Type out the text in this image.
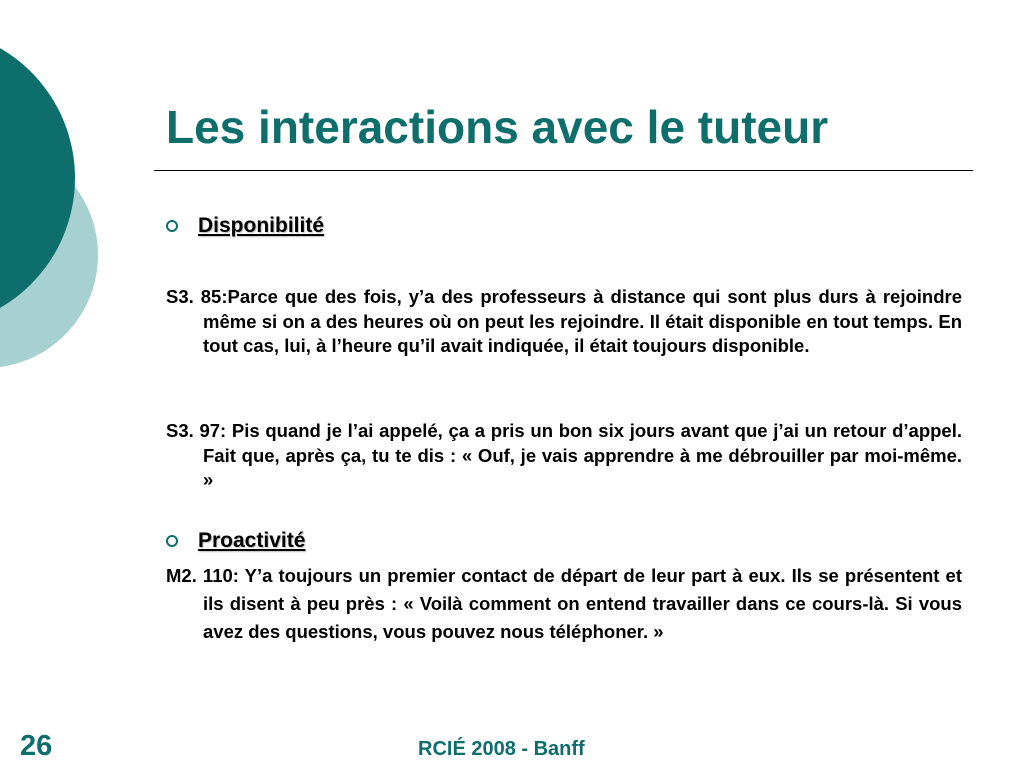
Les interactions avec le tuteur
Disponibilité
S3. 85:Parce que des fois, y’a des professeurs à distance qui sont plus durs à rejoindre même si on a des heures où on peut les rejoindre. Il était disponible en tout temps. En tout cas, lui, à l’heure qu’il avait indiquée, il était toujours disponible.
S3. 97: Pis quand je l’ai appelé, ça a pris un bon six jours avant que j’ai un retour d’appel. Fait que, après ça, tu te dis : « Ouf, je vais apprendre à me débrouiller par moi-même. »
Proactivité
M2. 110: Y’a toujours un premier contact de départ de leur part à eux. Ils se présentent et ils disent à peu près : « Voilà comment on entend travailler dans ce cours-là. Si vous avez des questions, vous pouvez nous téléphoner. »
26	RCIÉ 2008 - Banff
